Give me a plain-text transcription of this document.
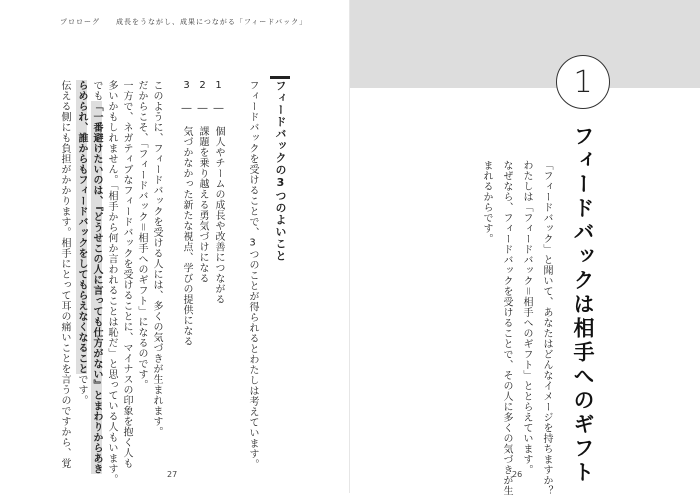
プロローグ 成長をうながし、成果につながる「フィードバック」
フィードバックの3つのよいこと
フィードバックを受けることで、3つのことが得られるとわたしは考えています。
1 ― 個人やチームの成長や改善につながる
2 ― 課題を乗り越える勇気づけになる
3 ― 気づかなかった新たな視点、学びの提供になる
このように、フィードバックを受ける人には、多くの気づきが生まれます。
だからこそ、「フィードバック＝相手へのギフト」になるのです。
一方で、ネガティブなフィードバックを受けることに、マイナスの印象を抱く人も
多いかもしれません。「相手から何か言われることは恥だ」と思っている人もいます。
でも「一番避けたいのは、『どうせこの人に言っても仕方がない』とまわりからあき
らめられ、誰からもフィードバックをしてもらえなくなることです。
伝える側にも負担がかかります。相手にとって耳の痛いことを言うのですから、覚
27
1
フィードバックは相手へのギフト
「フィードバック」と聞いて、あなたはどんなイメージを持ちますか？
わたしは「フィードバック＝相手へのギフト」ととらえています。
なぜなら、フィードバックを受けることで、その人に多くの気づきが生
まれるからです。
26
